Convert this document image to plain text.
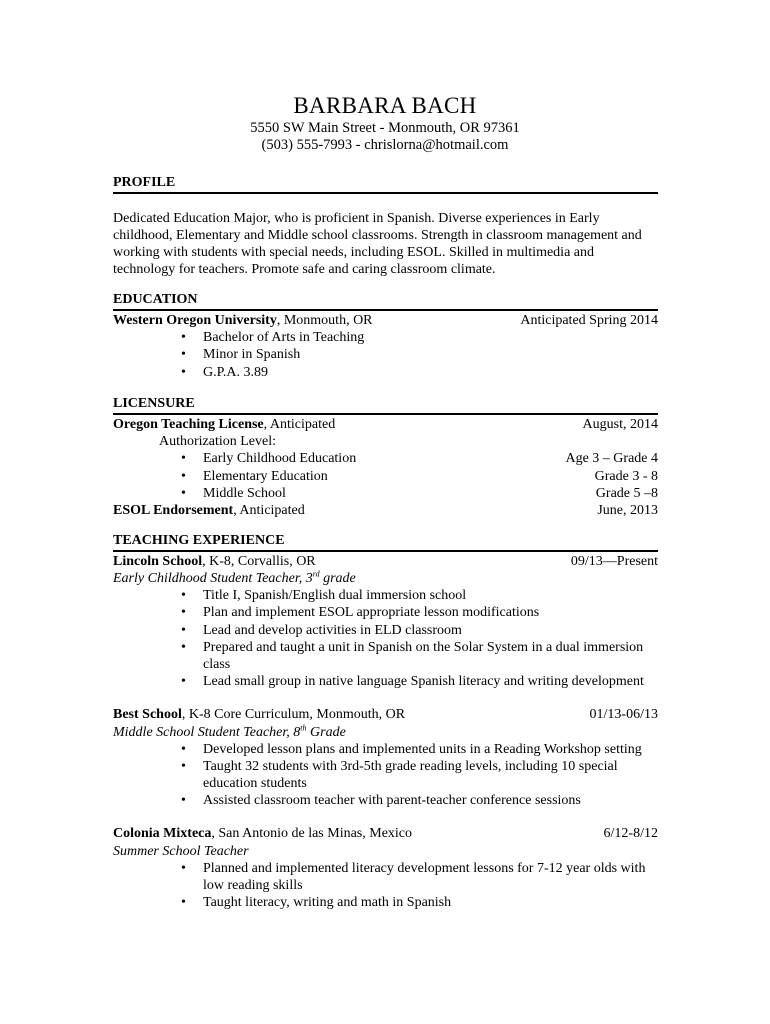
BARBARA BACH
5550 SW Main Street - Monmouth, OR 97361
(503) 555-7993 - chrislorna@hotmail.com
PROFILE
Dedicated Education Major, who is proficient in Spanish. Diverse experiences in Early childhood, Elementary and Middle school classrooms. Strength in classroom management and working with students with special needs, including ESOL. Skilled in multimedia and technology for teachers. Promote safe and caring classroom climate.
EDUCATION
Western Oregon University, Monmouth, OR	Anticipated Spring 2014
• Bachelor of Arts in Teaching
• Minor in Spanish
• G.P.A. 3.89
LICENSURE
Oregon Teaching License, Anticipated	August, 2014
Authorization Level:
• Early Childhood Education	Age 3 – Grade 4
• Elementary Education	Grade 3 - 8
• Middle School	Grade 5 –8
ESOL Endorsement, Anticipated	June, 2013
TEACHING EXPERIENCE
Lincoln School, K-8, Corvallis, OR	09/13—Present
Early Childhood Student Teacher, 3rd grade
• Title I, Spanish/English dual immersion school
• Plan and implement ESOL appropriate lesson modifications
• Lead and develop activities in ELD classroom
• Prepared and taught a unit in Spanish on the Solar System in a dual immersion class
• Lead small group in native language Spanish literacy and writing development
Best School, K-8 Core Curriculum, Monmouth, OR	01/13-06/13
Middle School Student Teacher, 8th Grade
• Developed lesson plans and implemented units in a Reading Workshop setting
• Taught 32 students with 3rd-5th grade reading levels, including 10 special education students
• Assisted classroom teacher with parent-teacher conference sessions
Colonia Mixteca, San Antonio de las Minas, Mexico	6/12-8/12
Summer School Teacher
• Planned and implemented literacy development lessons for 7-12 year olds with low reading skills
• Taught literacy, writing and math in Spanish
